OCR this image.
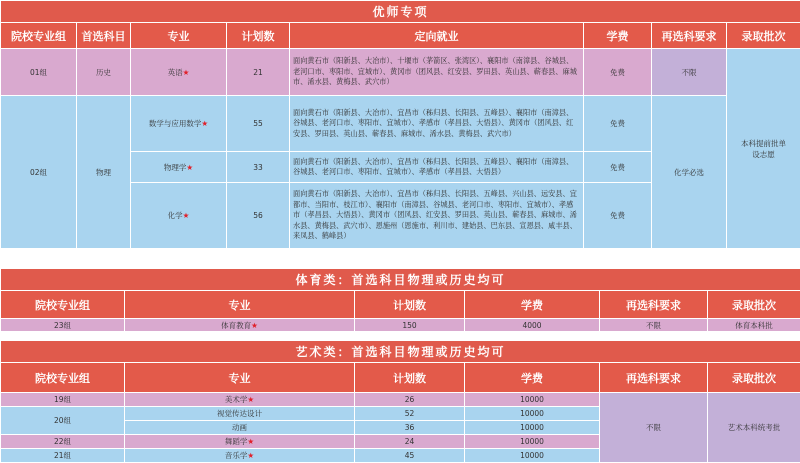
优师专项							
院校专业组	首选科目	专业	计划数	定向就业	学费	再选科要求	录取批次
01组	历史	英语★	21	面向黄石市（阳新县、大冶市）、十堰市（茅箭区、张湾区）、襄阳市（南漳县、谷城县、老河口市、枣阳市、宜城市）、黄冈市（团风县、红安县、罗田县、英山县、蕲春县、麻城市、浠水县、黄梅县、武穴市）	免费	不限	本科提前批单设志愿
02组	物理	数学与应用数学★	55	面向黄石市（阳新县、大冶市）、宜昌市（秭归县、长阳县、五峰县）、襄阳市（南漳县、谷城县、老河口市、枣阳市、宜城市）、孝感市（孝昌县、大悟县）、黄冈市（团风县、红安县、罗田县、英山县、蕲春县、麻城市、浠水县、黄梅县、武穴市）	免费	化学必选	
		物理学★	33	面向黄石市（阳新县、大冶市）、宜昌市（秭归县、长阳县、五峰县）、襄阳市（南漳县、谷城县、老河口市、枣阳市、宜城市）、孝感市（孝昌县、大悟县）	免费		
		化学★	56	面向黄石市（阳新县、大冶市）、宜昌市（秭归县、长阳县、五峰县、兴山县、远安县、宜都市、当阳市、枝江市）、襄阳市（南漳县、谷城县、老河口市、枣阳市、宜城市）、孝感市（孝昌县、大悟县）、黄冈市（团风县、红安县、罗田县、英山县、蕲春县、麻城市、浠水县、黄梅县、武穴市）、恩施州（恩施市、利川市、建始县、巴东县、宣恩县、咸丰县、来凤县、鹤峰县）	免费		
体育类：首选科目物理或历史均可					
院校专业组	专业	计划数	学费	再选科要求	录取批次
23组	体育教育★	150	4000	不限	体育本科批
艺术类：首选科目物理或历史均可					
院校专业组	专业	计划数	学费	再选科要求	录取批次
19组	美术学★	26	10000	不限	艺术本科统考批
20组	视觉传达设计	52	10000		
	动画	36	10000		
22组	舞蹈学★	24	10000		
21组	音乐学★	45	10000		
